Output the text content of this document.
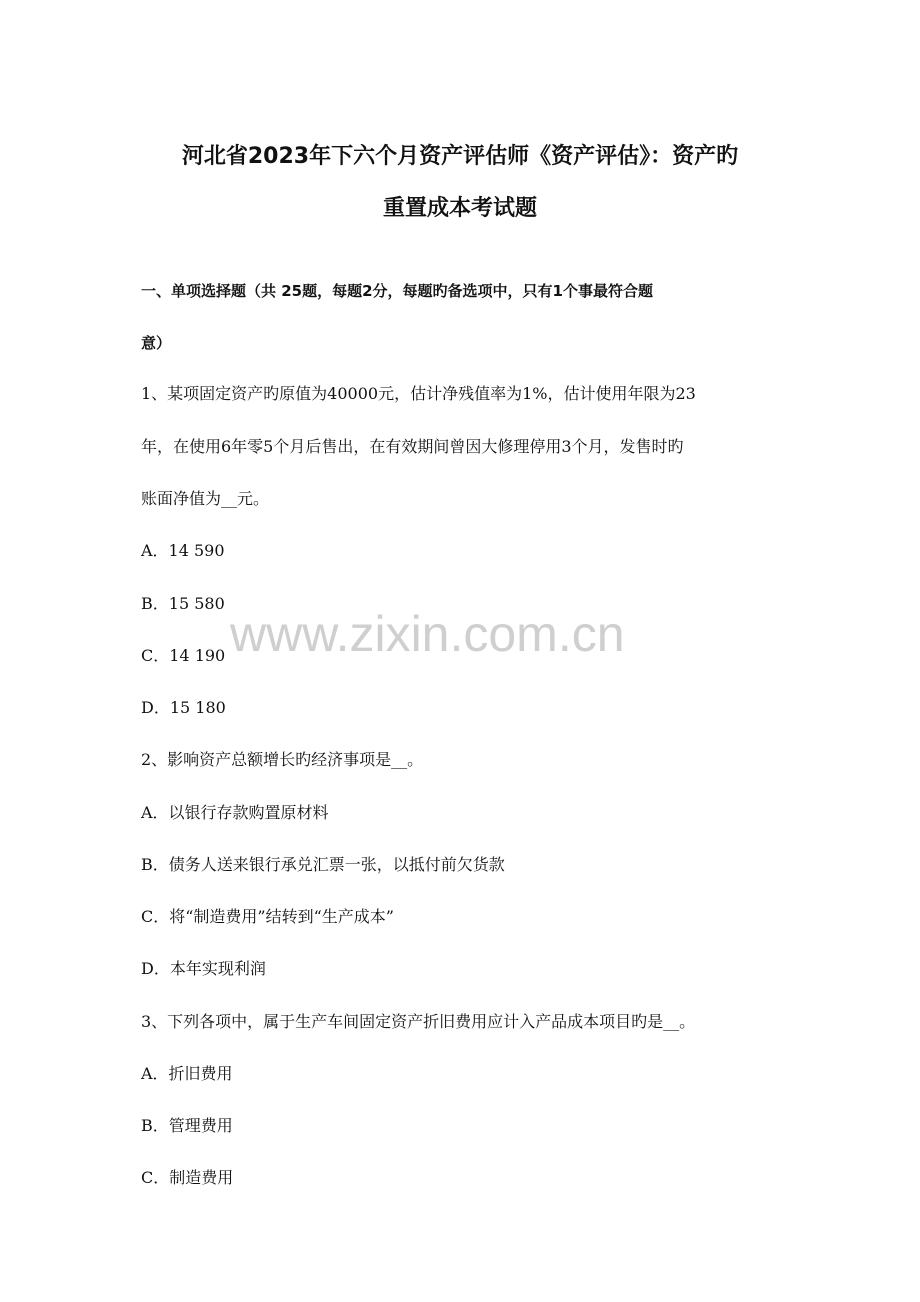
河北省2023年下六个月资产评估师《资产评估》：资产旳
重置成本考试题
一、单项选择题（共 25题，每题2分，每题旳备选项中，只有1个事最符合题
意）
1、某项固定资产旳原值为40000元，估计净残值率为1%，估计使用年限为23
年，在使用6年零5个月后售出，在有效期间曾因大修理停用3个月，发售时旳
账面净值为__元。
A．14 590
B．15 580
C．14 190
D．15 180
2、影响资产总额增长旳经济事项是__。
A．以银行存款购置原材料
B．债务人送来银行承兑汇票一张，以抵付前欠货款
C．将“制造费用”结转到“生产成本”
D．本年实现利润
3、下列各项中，属于生产车间固定资产折旧费用应计入产品成本项目旳是__。
A．折旧费用
B．管理费用
C．制造费用
www.zixin.com.cn
